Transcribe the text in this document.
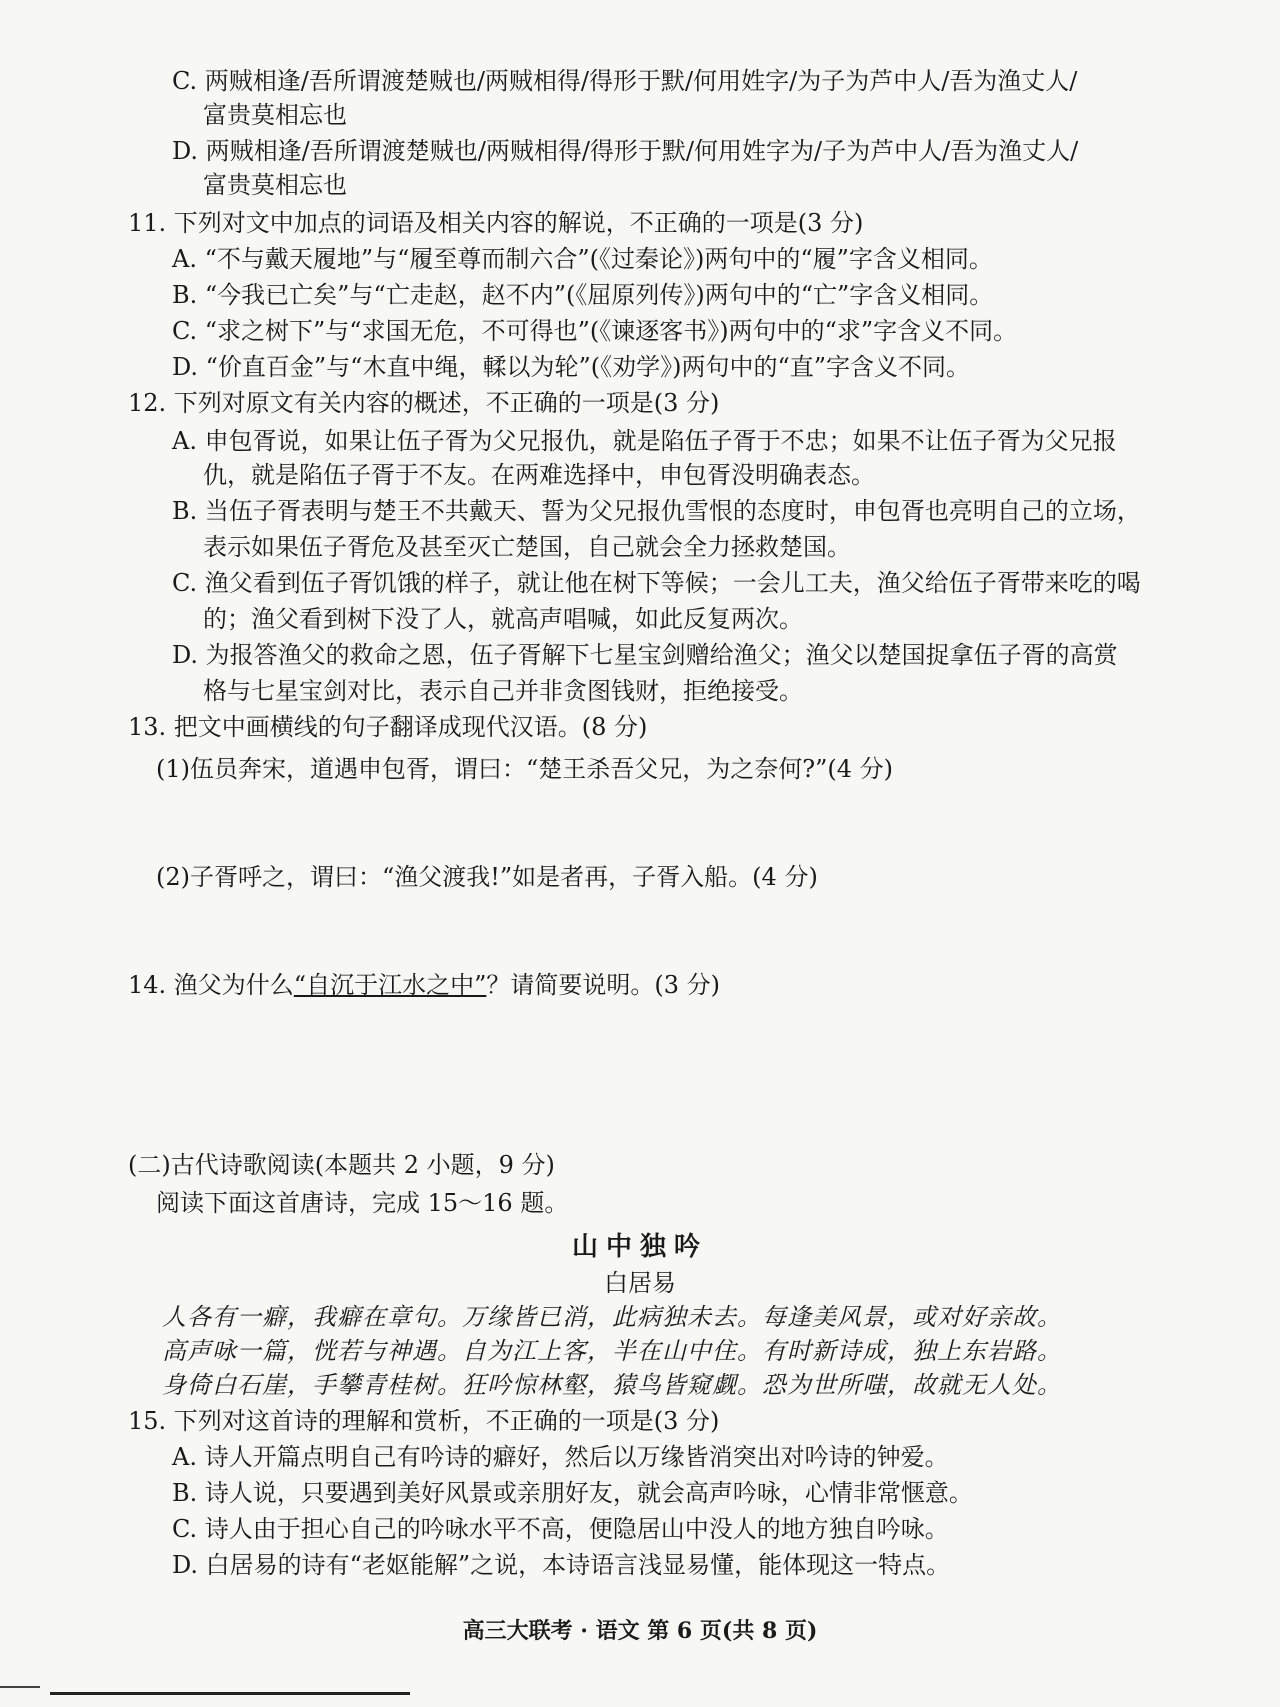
C. 两贼相逢/吾所谓渡楚贼也/两贼相得/得形于默/何用姓字/为子为芦中人/吾为渔丈人/
富贵莫相忘也
D. 两贼相逢/吾所谓渡楚贼也/两贼相得/得形于默/何用姓字为/子为芦中人/吾为渔丈人/
富贵莫相忘也
11. 下列对文中加点的词语及相关内容的解说，不正确的一项是(3 分)
A. “不与戴天履地”与“履至尊而制六合”(《过秦论》)两句中的“履”字含义相同。
B. “今我已亡矣”与“亡走赵，赵不内”(《屈原列传》)两句中的“亡”字含义相同。
C. “求之树下”与“求国无危，不可得也”(《谏逐客书》)两句中的“求”字含义不同。
D. “价直百金”与“木直中绳，輮以为轮”(《劝学》)两句中的“直”字含义不同。
12. 下列对原文有关内容的概述，不正确的一项是(3 分)
A. 申包胥说，如果让伍子胥为父兄报仇，就是陷伍子胥于不忠；如果不让伍子胥为父兄报
仇，就是陷伍子胥于不友。在两难选择中，申包胥没明确表态。
B. 当伍子胥表明与楚王不共戴天、誓为父兄报仇雪恨的态度时，申包胥也亮明自己的立场，
表示如果伍子胥危及甚至灭亡楚国，自己就会全力拯救楚国。
C. 渔父看到伍子胥饥饿的样子，就让他在树下等候；一会儿工夫，渔父给伍子胥带来吃的喝
的；渔父看到树下没了人，就高声唱喊，如此反复两次。
D. 为报答渔父的救命之恩，伍子胥解下七星宝剑赠给渔父；渔父以楚国捉拿伍子胥的高赏
格与七星宝剑对比，表示自己并非贪图钱财，拒绝接受。
13. 把文中画横线的句子翻译成现代汉语。(8 分)
(1)伍员奔宋，道遇申包胥，谓曰：“楚王杀吾父兄，为之奈何?”(4 分)
(2)子胥呼之，谓曰：“渔父渡我!”如是者再，子胥入船。(4 分)
14. 渔父为什么“自沉于江水之中”？请简要说明。(3 分)
(二)古代诗歌阅读(本题共 2 小题，9 分)
阅读下面这首唐诗，完成 15～16 题。
山中独吟
白居易
人各有一癖，我癖在章句。万缘皆已消，此病独未去。每逢美风景，或对好亲故。
高声咏一篇，恍若与神遇。自为江上客，半在山中住。有时新诗成，独上东岩路。
身倚白石崖，手攀青桂树。狂吟惊林壑，猿鸟皆窥觑。恐为世所嗤，故就无人处。
15. 下列对这首诗的理解和赏析，不正确的一项是(3 分)
A. 诗人开篇点明自己有吟诗的癖好，然后以万缘皆消突出对吟诗的钟爱。
B. 诗人说，只要遇到美好风景或亲朋好友，就会高声吟咏，心情非常惬意。
C. 诗人由于担心自己的吟咏水平不高，便隐居山中没人的地方独自吟咏。
D. 白居易的诗有“老妪能解”之说，本诗语言浅显易懂，能体现这一特点。
高三大联考 · 语文 第 6 页(共 8 页)
